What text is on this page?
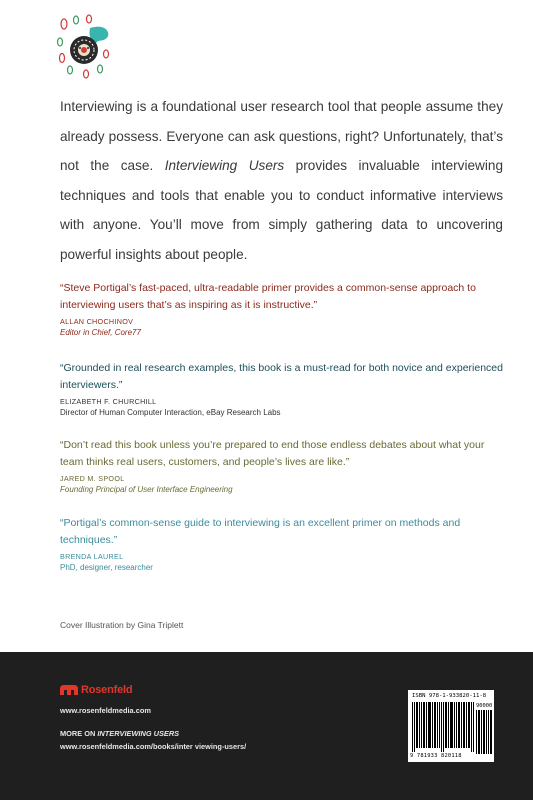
Interviewing is a foundational user research tool that people assume they already possess. Everyone can ask questions, right? Unfortunately, that’s not the case. Interviewing Users provides invaluable interviewing techniques and tools that enable you to conduct informative interviews with anyone. You’ll move from simply gathering data to uncovering powerful insights about people.

“Steve Portigal’s fast-paced, ultra-readable primer provides a common-sense approach to interviewing users that’s as inspiring as it is instructive.”

ALLAN CHOCHINOV
Editor in Chief, Core77

“Grounded in real research examples, this book is a must-read for both novice and experienced interviewers.”

ELIZABETH F. CHURCHILL
Director of Human Computer Interaction, eBay Research Labs

“Don’t read this book unless you’re prepared to end those endless debates about what your team thinks real users, customers, and people’s lives are like.”

JARED M. SPOOL
Founding Principal of User Interface Engineering

“Portigal’s common-sense guide to interviewing is an excellent primer on methods and techniques.”

BRENDA LAUREL
PhD, designer, researcher
Cover Illustration by Gina Triplett
Rosenfeld
www.rosenfeldmedia.com
MORE ON INTERVIEWING USERS
www.rosenfeldmedia.com/books/inter viewing-users/
ISBN 978-1-933820-11-8
90000
9 781933 820118
